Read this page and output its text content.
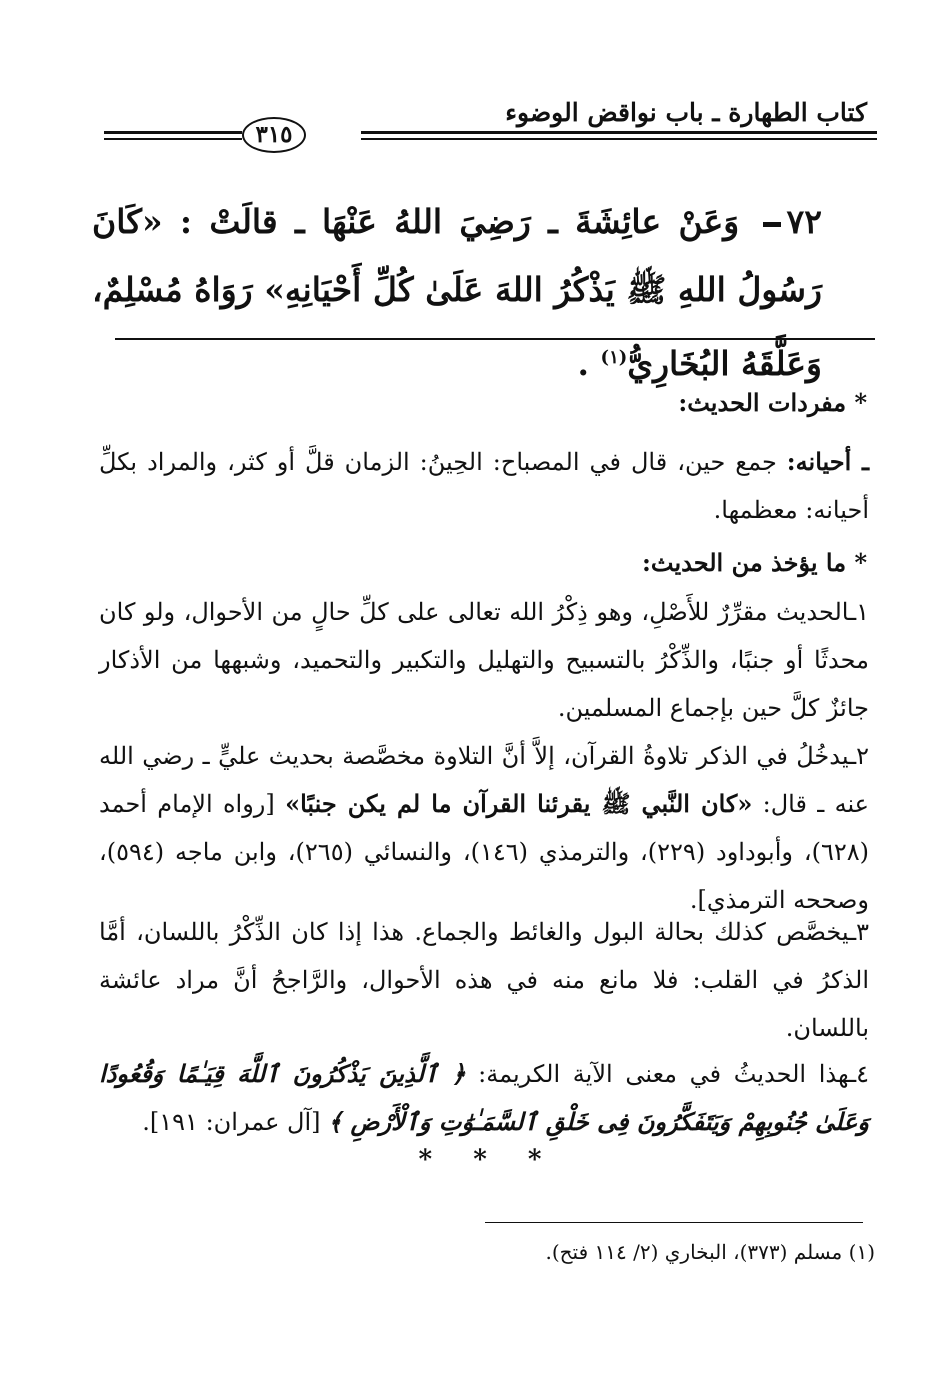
كتاب الطهارة ـ باب نواقض الوضوء
٣١٥
٧٢ وَعَنْ عائِشَةَ ـ رَضِيَ اللهُ عَنْهَا ـ قالَتْ : «كَانَ رَسُولُ اللهِ ﷺ يَذْكُرُ اللهَ عَلَىٰ كُلِّ أَحْيَانِهِ» رَوَاهُ مُسْلِمٌ، وَعَلَّقَهُ البُخَارِيُّ$^{(١)}$ .
* مفردات الحديث:
ـ أحيانه: جمع حين، قال في المصباح: الحِينُ: الزمان قلَّ أو كثر، والمراد بكلِّ أحيانه: معظمها.
* ما يؤخذ من الحديث:
١ـالحديث مقرِّرٌ للأَصْلِ، وهو ذِكْرُ الله تعالى على كلِّ حالٍ من الأحوال، ولو كان محدثًا أو جنبًا، والذِّكْرُ بالتسبيح والتهليل والتكبير والتحميد، وشبهها من الأذكار جائزٌ كلَّ حين بإجماع المسلمين.
٢ـيدخُلُ في الذكر تلاوةُ القرآن، إلاَّ أنَّ التلاوة مخصَّصة بحديث عليٍّ ـ رضي الله عنه ـ قال: «كان النَّبي ﷺ يقرئنا القرآن ما لم يكن جنبًا» [رواه الإمام أحمد (٦٢٨)، وأبوداود (٢٢٩)، والترمذي (١٤٦)، والنسائي (٢٦٥)، وابن ماجه (٥٩٤)، وصححه الترمذي].
٣ـيخصَّص كذلك بحالة البول والغائط والجماع. هذا إذا كان الذِّكْرُ باللسان، أمَّا الذكرُ في القلب: فلا مانع منه في هذه الأحوال، والرَّاجحُ أنَّ مراد عائشة باللسان.
٤ـهذا الحديثُ في معنى الآية الكريمة: ﴿ ٱلَّذِينَ يَذْكُرُونَ ٱللَّهَ قِيَـٰمًا وَقُعُودًا وَعَلَىٰ جُنُوبِهِمْ وَيَتَفَكَّرُونَ فِى خَلْقِ ٱلسَّمَـٰوَٰتِ وَٱلْأَرْضِ ﴾ [آل عمران: ١٩١].
* * *
(١) مسلم (٣٧٣)، البخاري (٢/ ١١٤ فتح).
